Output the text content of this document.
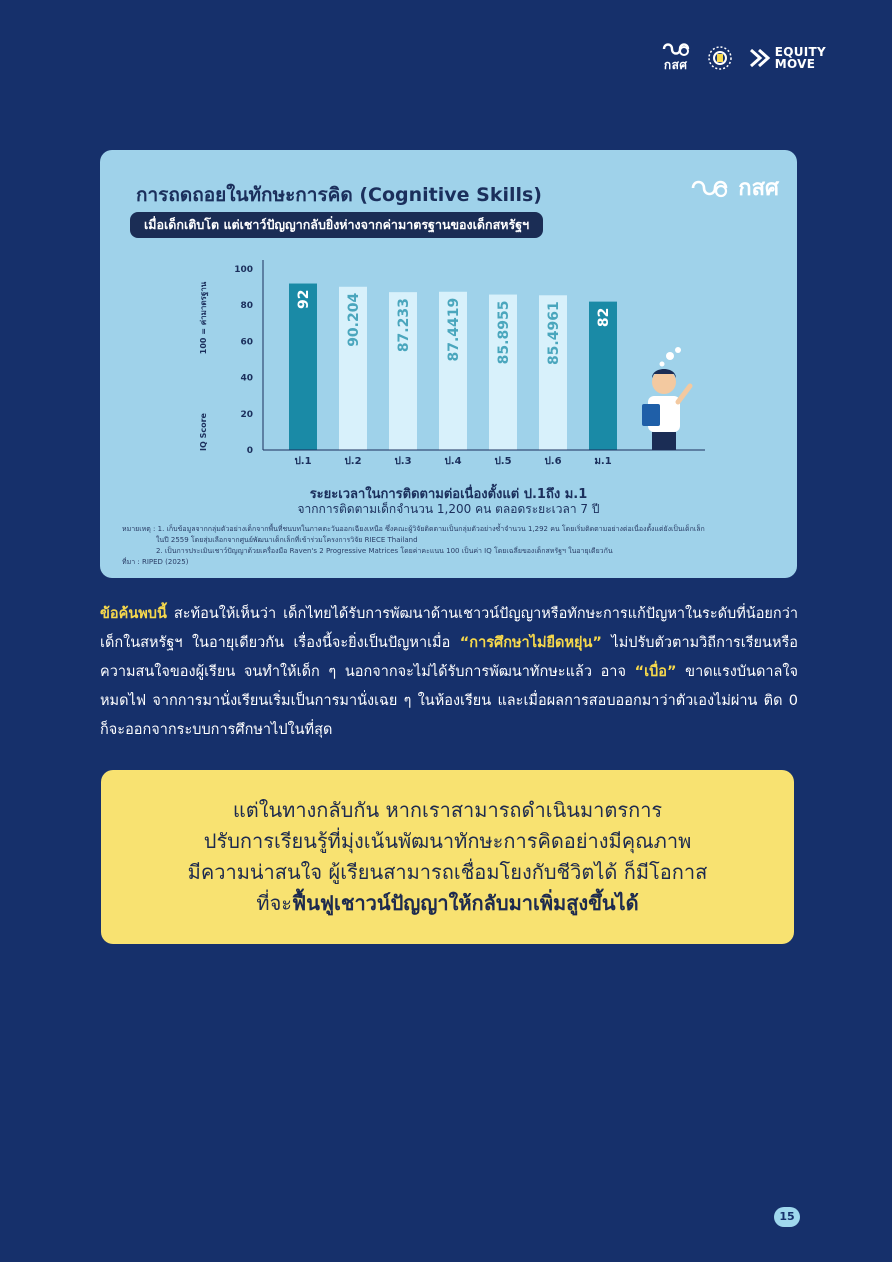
กสศ
EQUITY
MOVE
การถดถอยในทักษะการคิด (Cognitive Skills)
เมื่อเด็กเติบโต แต่เชาว์ปัญญากลับยิ่งห่างจากค่ามาตรฐานของเด็กสหรัฐฯ
กสศ
100 = ค่ามาตรฐาน
IQ Score
0
20
40
60
80
100
92 90.204 87.233 87.4419 85.8955 85.4961 82
ป.1	ป.2	ป.3	ป.4	ป.5	ป.6	ม.1
ระยะเวลาในการติดตามต่อเนื่องตั้งแต่ ป.1ถึง ม.1
จากการติดตามเด็กจำนวน 1,200 คน ตลอดระยะเวลา 7 ปี
หมายเหตุ : 1. เก็บข้อมูลจากกลุ่มตัวอย่างเด็กจากพื้นที่ชนบทในภาคตะวันออกเฉียงเหนือ ซึ่งคณะผู้วิจัยติดตามเป็นกลุ่มตัวอย่างซ้ำจำนวน 1,292 คน โดยเริ่มติดตามอย่างต่อเนื่องตั้งแต่ยังเป็นเด็กเล็ก
ในปี 2559 โดยสุ่มเลือกจากศูนย์พัฒนาเด็กเล็กที่เข้าร่วมโครงการวิจัย RIECE Thailand
2. เป็นการประเมินเชาว์ปัญญาด้วยเครื่องมือ Raven's 2 Progressive Matrices โดยค่าคะแนน 100 เป็นค่า IQ โดยเฉลี่ยของเด็กสหรัฐฯ ในอายุเดียวกัน
ที่มา : RIPED (2025)
ข้อค้นพบนี้ สะท้อนให้เห็นว่า เด็กไทยได้รับการพัฒนาด้านเชาวน์ปัญญาหรือทักษะการแก้ปัญหาในระดับที่น้อยกว่าเด็กในสหรัฐฯ ในอายุเดียวกัน เรื่องนี้จะยิ่งเป็นปัญหาเมื่อ “การศึกษาไม่ยืดหยุ่น” ไม่ปรับตัวตามวิถีการเรียนหรือความสนใจของผู้เรียน จนทำให้เด็ก ๆ นอกจากจะไม่ได้รับการพัฒนาทักษะแล้ว อาจ “เบื่อ” ขาดแรงบันดาลใจ หมดไฟ จากการมานั่งเรียนเริ่มเป็นการมานั่งเฉย ๆ ในห้องเรียน และเมื่อผลการสอบออกมาว่าตัวเองไม่ผ่าน ติด 0 ก็จะออกจากระบบการศึกษาไปในที่สุด
แต่ในทางกลับกัน หากเราสามารถดำเนินมาตรการ
ปรับการเรียนรู้ที่มุ่งเน้นพัฒนาทักษะการคิดอย่างมีคุณภาพ
มีความน่าสนใจ ผู้เรียนสามารถเชื่อมโยงกับชีวิตได้ ก็มีโอกาส
ที่จะฟื้นฟูเชาวน์ปัญญาให้กลับมาเพิ่มสูงขึ้นได้
15
